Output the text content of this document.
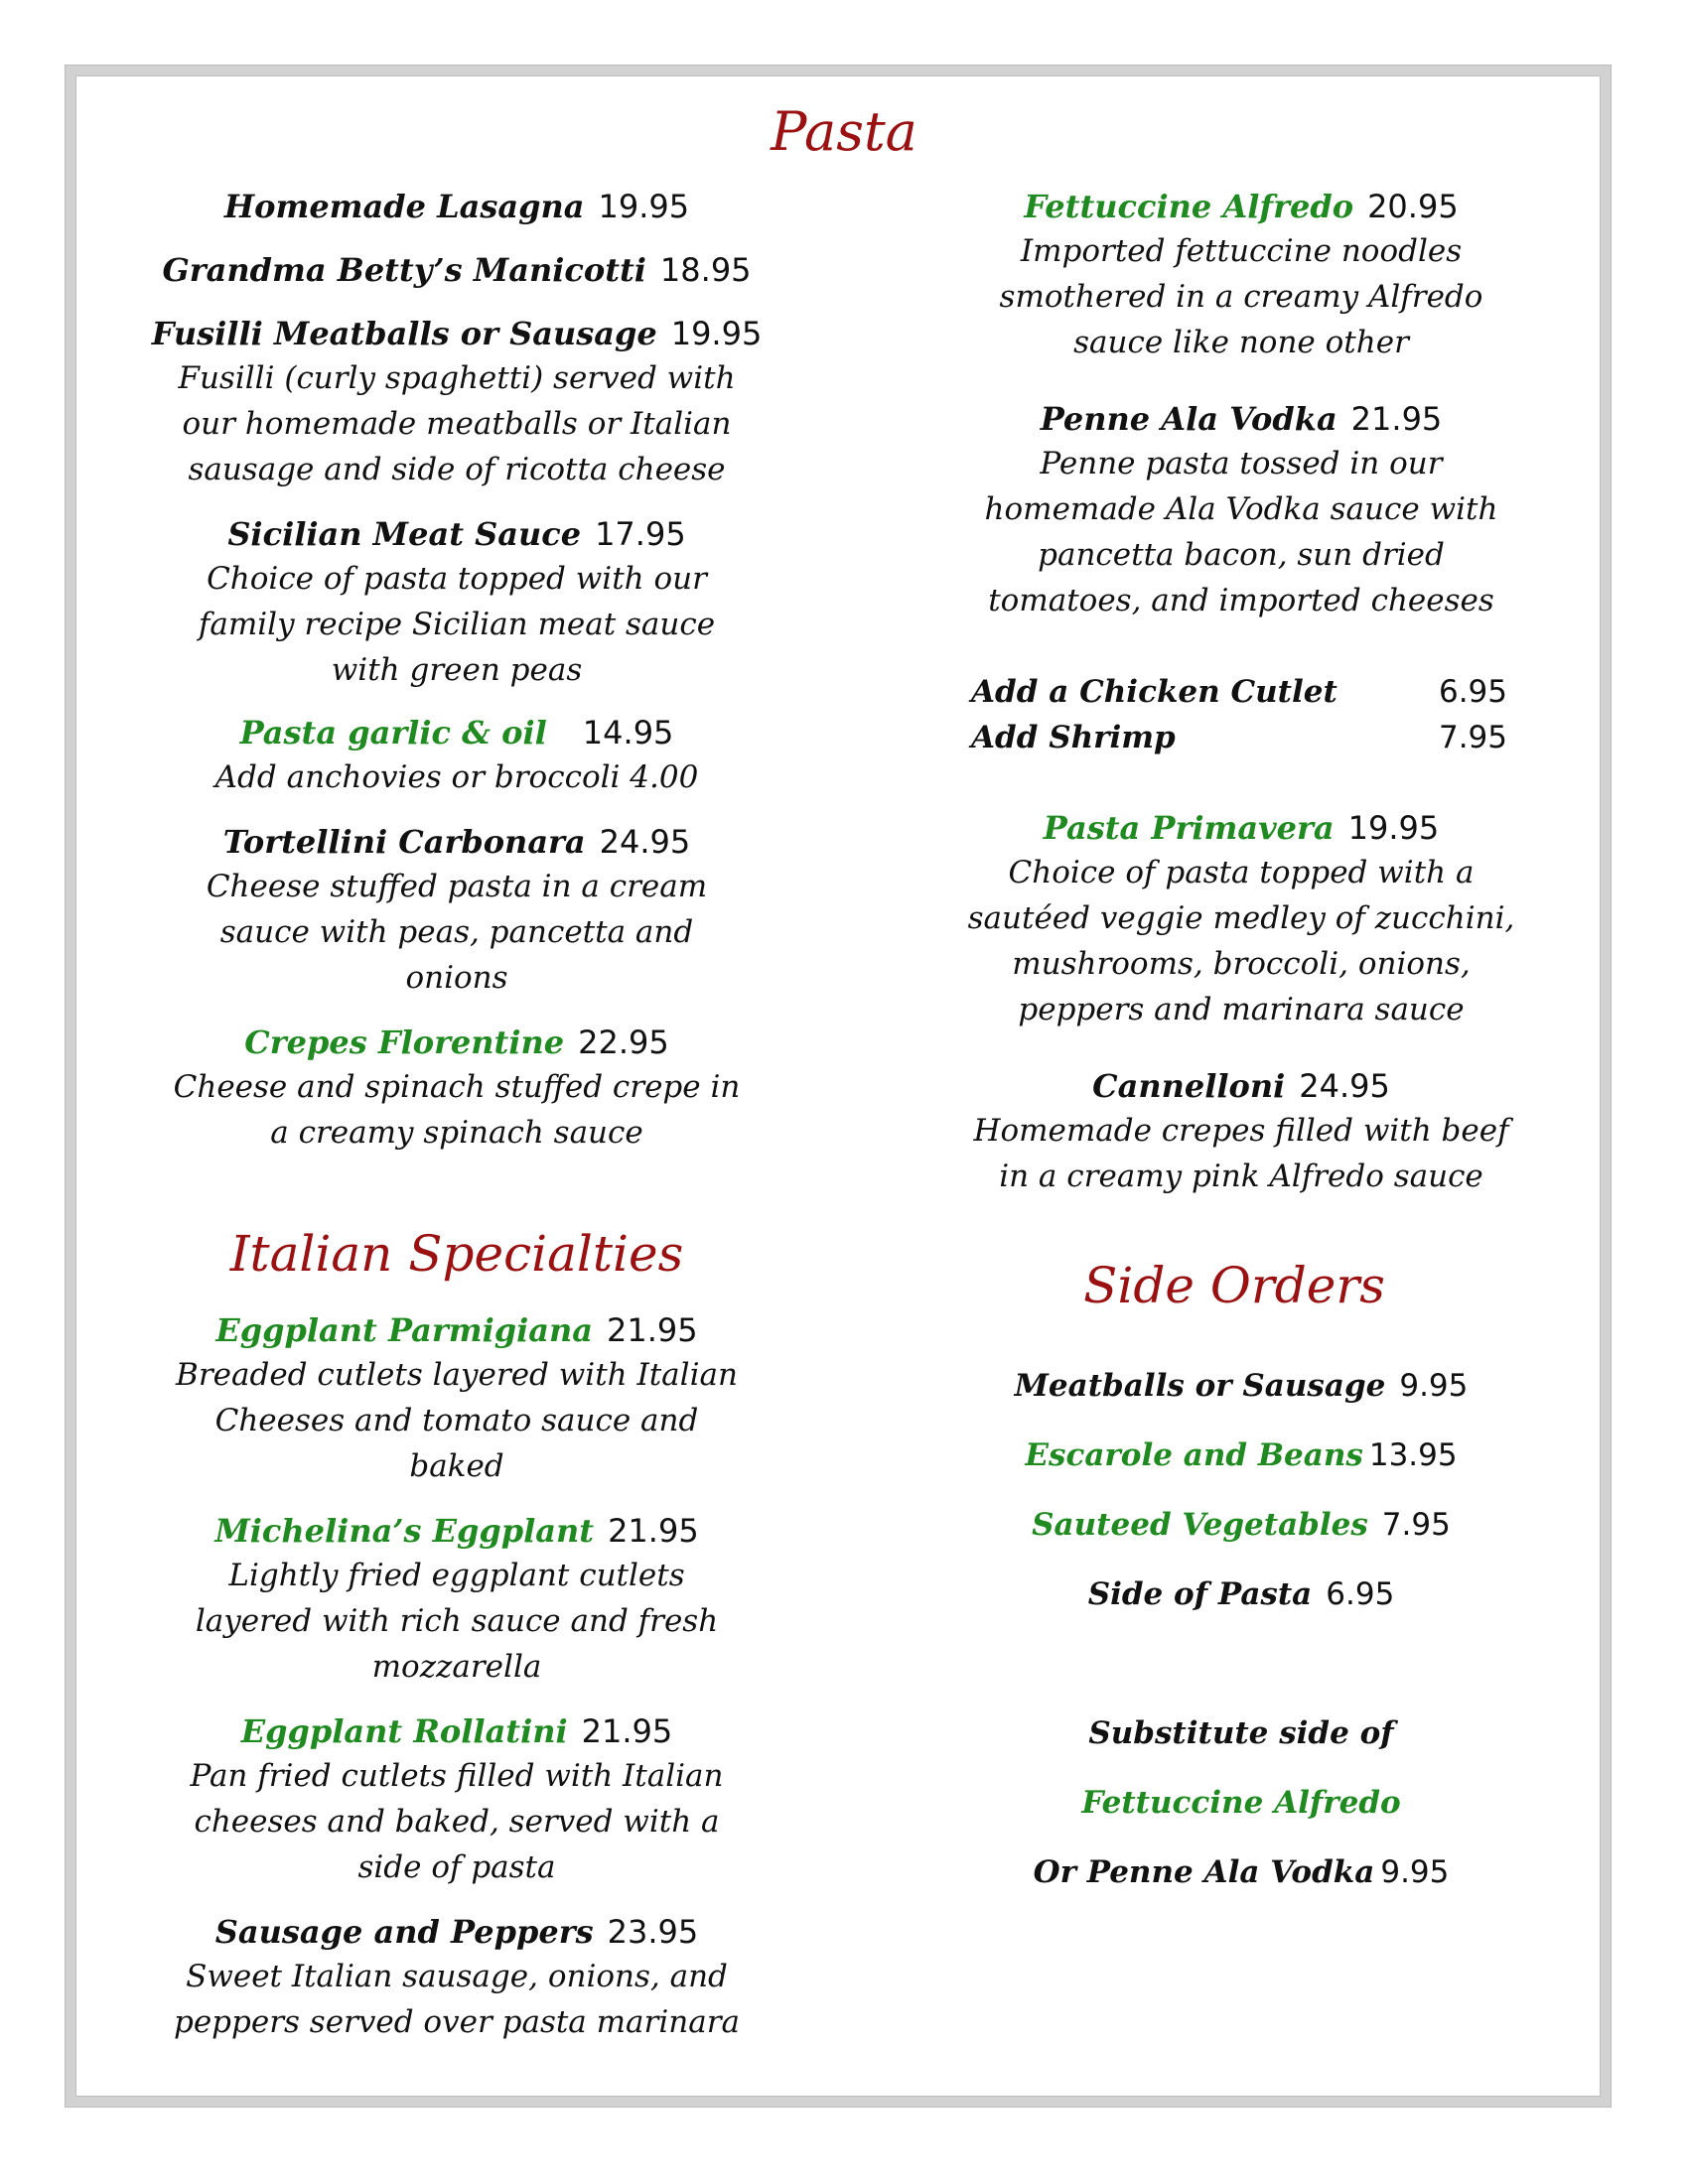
Pasta
Italian Specialties
Side Orders
Homemade Lasagna 19.95
Grandma Betty’s Manicotti 18.95
Fusilli Meatballs or Sausage 19.95
Fusilli (curly spaghetti) served with
our homemade meatballs or Italian
sausage and side of ricotta cheese
Sicilian Meat Sauce 17.95
Choice of pasta topped with our
family recipe Sicilian meat sauce
with green peas
Pasta garlic & oil 14.95
Add anchovies or broccoli 4.00
Tortellini Carbonara 24.95
Cheese stuffed pasta in a cream
sauce with peas, pancetta and
onions
Crepes Florentine 22.95
Cheese and spinach stuffed crepe in
a creamy spinach sauce
Eggplant Parmigiana 21.95
Breaded cutlets layered with Italian
Cheeses and tomato sauce and
baked
Michelina’s Eggplant 21.95
Lightly fried eggplant cutlets
layered with rich sauce and fresh
mozzarella
Eggplant Rollatini 21.95
Pan fried cutlets filled with Italian
cheeses and baked, served with a
side of pasta
Sausage and Peppers 23.95
Sweet Italian sausage, onions, and
peppers served over pasta marinara
Fettuccine Alfredo 20.95
Imported fettuccine noodles
smothered in a creamy Alfredo
sauce like none other
Penne Ala Vodka 21.95
Penne pasta tossed in our
homemade Ala Vodka sauce with
pancetta bacon, sun dried
tomatoes, and imported cheeses
Add a Chicken Cutlet	6.95
Add Shrimp	7.95
Pasta Primavera 19.95
Choice of pasta topped with a
sautéed veggie medley of zucchini,
mushrooms, broccoli, onions,
peppers and marinara sauce
Cannelloni 24.95
Homemade crepes filled with beef
in a creamy pink Alfredo sauce
Meatballs or Sausage 9.95
Escarole and Beans 13.95
Sauteed Vegetables 7.95
Side of Pasta 6.95
Substitute side of
Fettuccine Alfredo
Or Penne Ala Vodka 9.95
